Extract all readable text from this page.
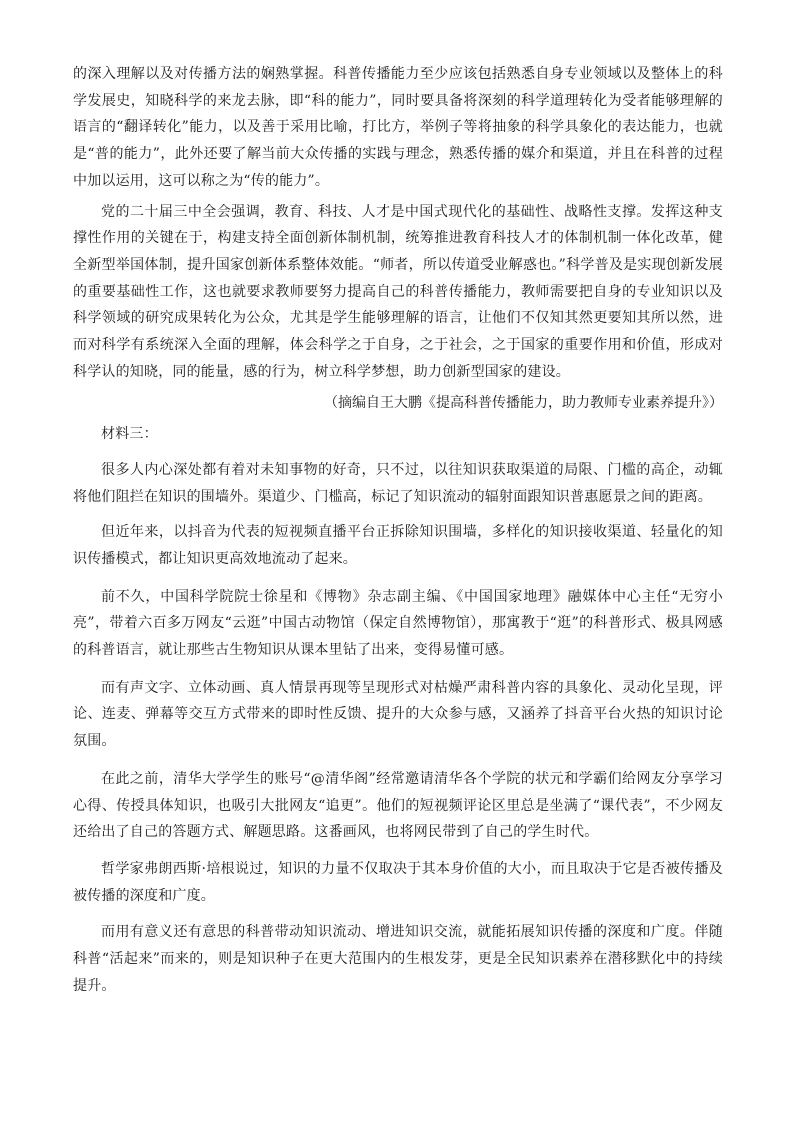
的深入理解以及对传播方法的娴熟掌握。科普传播能力至少应该包括熟悉自身专业领域以及整体上的科学发展史，知晓科学的来龙去脉，即“科的能力”，同时要具备将深刻的科学道理转化为受者能够理解的语言的“翻译转化”能力，以及善于采用比喻，打比方，举例子等将抽象的科学具象化的表达能力，也就是“普的能力”，此外还要了解当前大众传播的实践与理念，熟悉传播的媒介和渠道，并且在科普的过程中加以运用，这可以称之为“传的能力”。

党的二十届三中全会强调，教育、科技、人才是中国式现代化的基础性、战略性支撑。发挥这种支撑性作用的关键在于，构建支持全面创新体制机制，统筹推进教育科技人才的体制机制一体化改革，健全新型举国体制，提升国家创新体系整体效能。“师者，所以传道受业解惑也。”科学普及是实现创新发展的重要基础性工作，这也就要求教师要努力提高自己的科普传播能力，教师需要把自身的专业知识以及科学领域的研究成果转化为公众，尤其是学生能够理解的语言，让他们不仅知其然更要知其所以然，进而对科学有系统深入全面的理解，体会科学之于自身，之于社会，之于国家的重要作用和价值，形成对科学认的知晓，同的能量，感的行为，树立科学梦想，助力创新型国家的建设。

（摘编自王大鹏《提高科普传播能力，助力教师专业素养提升》）

材料三：

很多人内心深处都有着对未知事物的好奇，只不过，以往知识获取渠道的局限、门槛的高企，动辄将他们阻拦在知识的围墙外。渠道少、门槛高，标记了知识流动的辐射面跟知识普惠愿景之间的距离。

但近年来，以抖音为代表的短视频直播平台正拆除知识围墙，多样化的知识接收渠道、轻量化的知识传播模式，都让知识更高效地流动了起来。

前不久，中国科学院院士徐星和《博物》杂志副主编、《中国国家地理》融媒体中心主任“无穷小亮”，带着六百多万网友“云逛”中国古动物馆（保定自然博物馆），那寓教于“逛”的科普形式、极具网感的科普语言，就让那些古生物知识从课本里钻了出来，变得易懂可感。

而有声文字、立体动画、真人情景再现等呈现形式对枯燥严肃科普内容的具象化、灵动化呈现，评论、连麦、弹幕等交互方式带来的即时性反馈、提升的大众参与感，又涵养了抖音平台火热的知识讨论氛围。

在此之前，清华大学学生的账号“@清华阁”经常邀请清华各个学院的状元和学霸们给网友分享学习心得、传授具体知识，也吸引大批网友“追更”。他们的短视频评论区里总是坐满了“课代表”，不少网友还给出了自己的答题方式、解题思路。这番画风，也将网民带到了自己的学生时代。

哲学家弗朗西斯·培根说过，知识的力量不仅取决于其本身价值的大小，而且取决于它是否被传播及被传播的深度和广度。

而用有意义还有意思的科普带动知识流动、增进知识交流，就能拓展知识传播的深度和广度。伴随科普“活起来”而来的，则是知识种子在更大范围内的生根发芽，更是全民知识素养在潜移默化中的持续提升。
